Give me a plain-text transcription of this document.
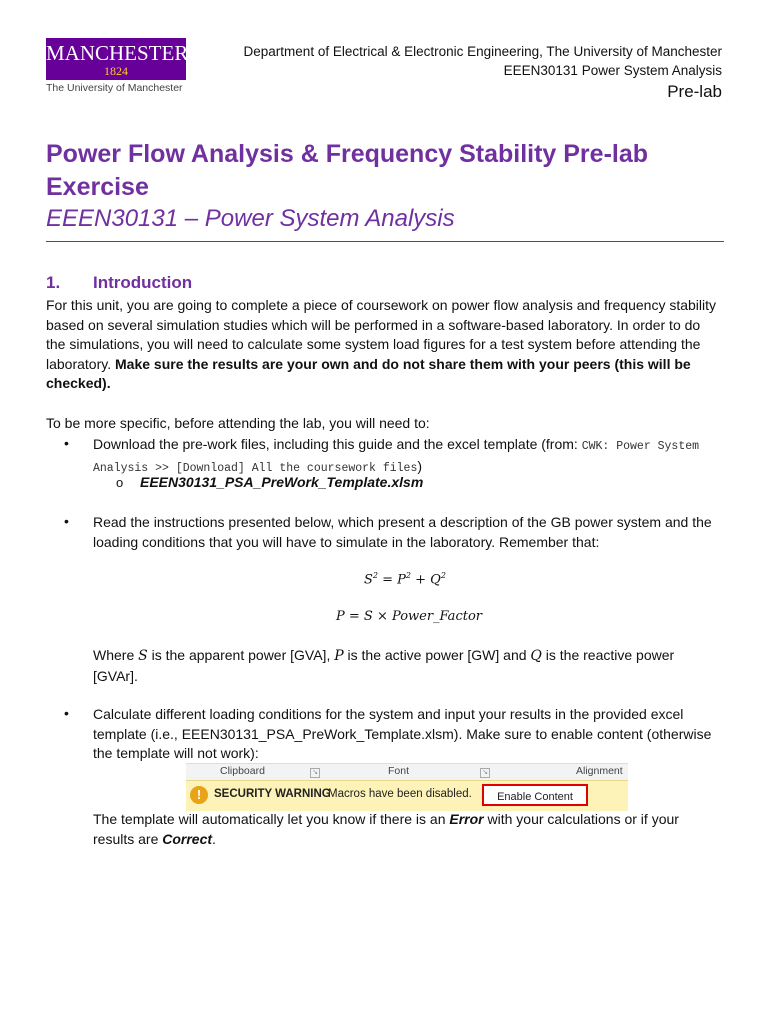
MANCHESTER
1824
The University of Manchester
Department of Electrical & Electronic Engineering, The University of Manchester
EEEN30131 Power System Analysis
Pre-lab
Power Flow Analysis & Frequency Stability Pre-lab Exercise
EEEN30131 – Power System Analysis
1. Introduction
For this unit, you are going to complete a piece of coursework on power flow analysis and frequency stability based on several simulation studies which will be performed in a software-based laboratory. In order to do the simulations, you will need to calculate some system load figures for a test system before attending the laboratory. Make sure the results are your own and do not share them with your peers (this will be checked).
To be more specific, before attending the lab, you will need to:
• Download the pre-work files, including this guide and the excel template (from: CWK: Power System Analysis >> [Download] All the coursework files)
o EEEN30131_PSA_PreWork_Template.xlsm
• Read the instructions presented below, which present a description of the GB power system and the loading conditions that you will have to simulate in the laboratory. Remember that:
$S^2 = P^2 + Q^2$
P = S × Power_Factor
Where S is the apparent power [GVA], P is the active power [GW] and Q is the reactive power [GVAr].
• Calculate different loading conditions for the system and input your results in the provided excel template (i.e., EEEN30131_PSA_PreWork_Template.xlsm). Make sure to enable content (otherwise the template will not work):
Clipboard	↘	Font	↘	Alignment
!	SECURITY WARNING
Macros have been disabled.	Enable Content
The template will automatically let you know if there is an Error with your calculations or if your results are Correct.
